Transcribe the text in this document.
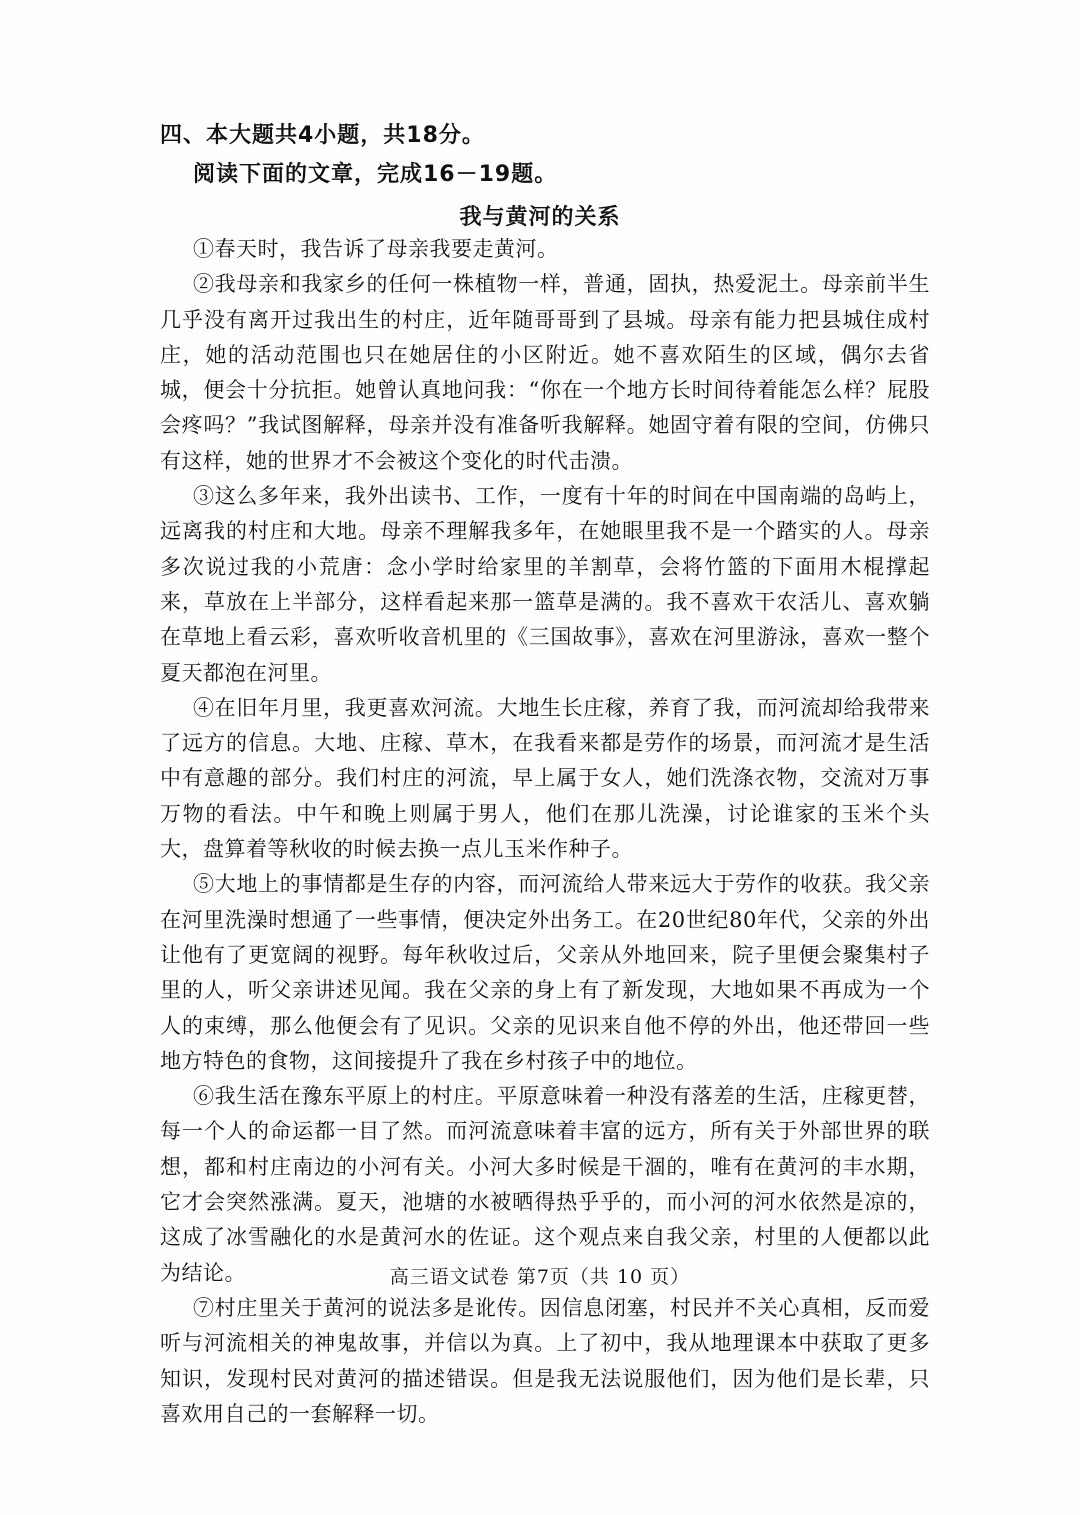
四、本大题共4小题，共18分。
阅读下面的文章，完成16－19题。
我与黄河的关系

①春天时，我告诉了母亲我要走黄河。

②我母亲和我家乡的任何一株植物一样，普通，固执，热爱泥土。母亲前半生几乎没有离开过我出生的村庄，近年随哥哥到了县城。母亲有能力把县城住成村庄，她的活动范围也只在她居住的小区附近。她不喜欢陌生的区域，偶尔去省城，便会十分抗拒。她曾认真地问我：“你在一个地方长时间待着能怎么样？屁股会疼吗？”我试图解释，母亲并没有准备听我解释。她固守着有限的空间，仿佛只有这样，她的世界才不会被这个变化的时代击溃。

③这么多年来，我外出读书、工作，一度有十年的时间在中国南端的岛屿上，远离我的村庄和大地。母亲不理解我多年，在她眼里我不是一个踏实的人。母亲多次说过我的小荒唐：念小学时给家里的羊割草，会将竹篮的下面用木棍撑起来，草放在上半部分，这样看起来那一篮草是满的。我不喜欢干农活儿、喜欢躺在草地上看云彩，喜欢听收音机里的《三国故事》，喜欢在河里游泳，喜欢一整个夏天都泡在河里。

④在旧年月里，我更喜欢河流。大地生长庄稼，养育了我，而河流却给我带来了远方的信息。大地、庄稼、草木，在我看来都是劳作的场景，而河流才是生活中有意趣的部分。我们村庄的河流，早上属于女人，她们洗涤衣物，交流对万事万物的看法。中午和晚上则属于男人，他们在那儿洗澡，讨论谁家的玉米个头大，盘算着等秋收的时候去换一点儿玉米作种子。

⑤大地上的事情都是生存的内容，而河流给人带来远大于劳作的收获。我父亲在河里洗澡时想通了一些事情，便决定外出务工。在20世纪80年代，父亲的外出让他有了更宽阔的视野。每年秋收过后，父亲从外地回来，院子里便会聚集村子里的人，听父亲讲述见闻。我在父亲的身上有了新发现，大地如果不再成为一个人的束缚，那么他便会有了见识。父亲的见识来自他不停的外出，他还带回一些地方特色的食物，这间接提升了我在乡村孩子中的地位。

⑥我生活在豫东平原上的村庄。平原意味着一种没有落差的生活，庄稼更替，每一个人的命运都一目了然。而河流意味着丰富的远方，所有关于外部世界的联想，都和村庄南边的小河有关。小河大多时候是干涸的，唯有在黄河的丰水期，它才会突然涨满。夏天，池塘的水被晒得热乎乎的，而小河的河水依然是凉的，这成了冰雪融化的水是黄河水的佐证。这个观点来自我父亲，村里的人便都以此为结论。

⑦村庄里关于黄河的说法多是讹传。因信息闭塞，村民并不关心真相，反而爱听与河流相关的神鬼故事，并信以为真。上了初中，我从地理课本中获取了更多知识，发现村民对黄河的描述错误。但是我无法说服他们，因为他们是长辈，只喜欢用自己的一套解释一切。

高三语文试卷 第7页（共 10 页）
